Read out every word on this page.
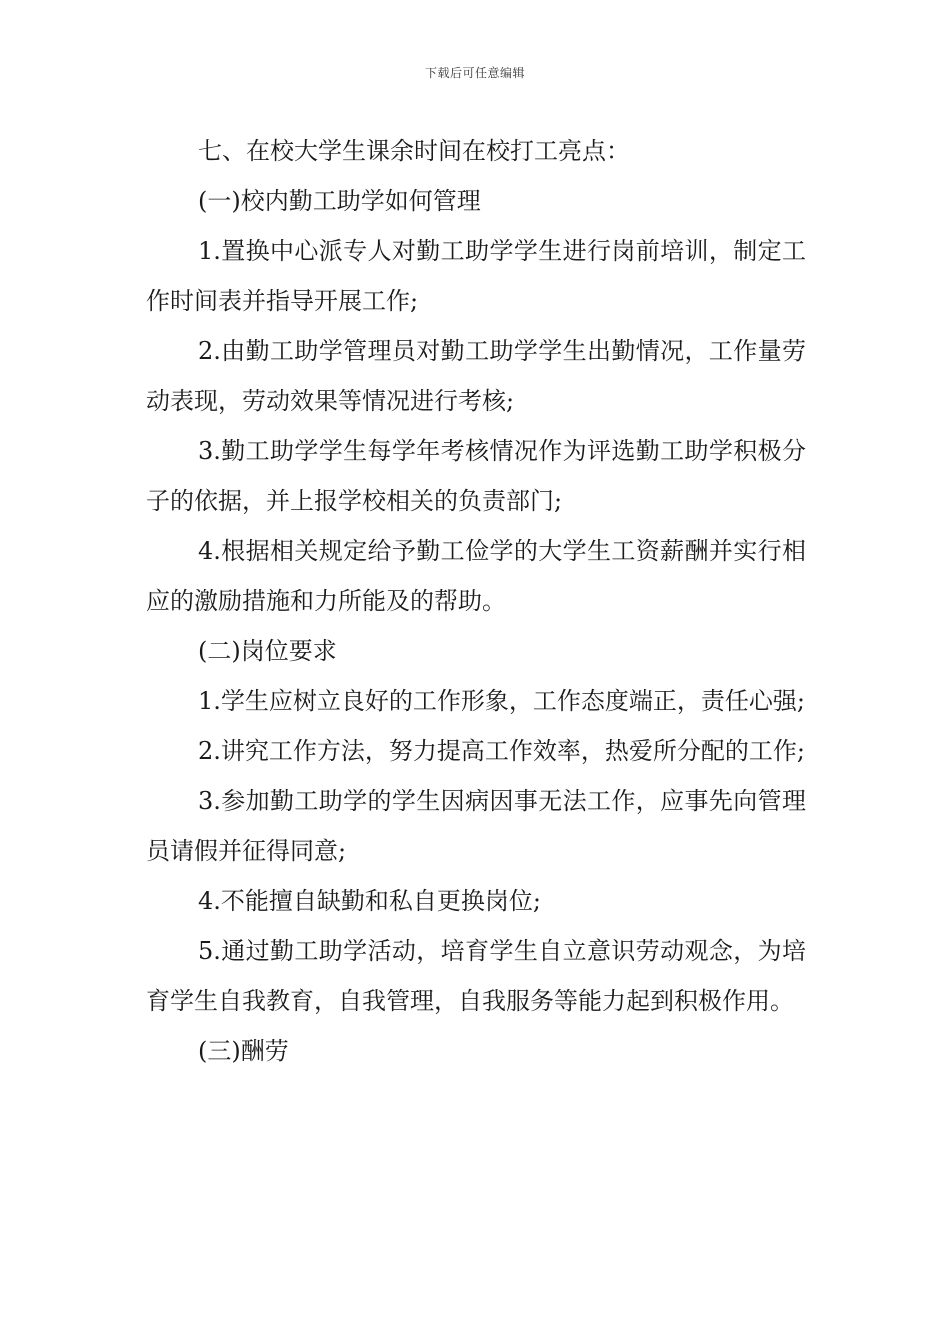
下载后可任意编辑

七、在校大学生课余时间在校打工亮点：

(一)校内勤工助学如何管理

1.置换中心派专人对勤工助学学生进行岗前培训，制定工作时间表并指导开展工作;

2.由勤工助学管理员对勤工助学学生出勤情况，工作量劳动表现，劳动效果等情况进行考核;

3.勤工助学学生每学年考核情况作为评选勤工助学积极分子的依据，并上报学校相关的负责部门;

4.根据相关规定给予勤工俭学的大学生工资薪酬并实行相应的激励措施和力所能及的帮助。

(二)岗位要求

1.学生应树立良好的工作形象，工作态度端正，责任心强;

2.讲究工作方法，努力提高工作效率，热爱所分配的工作;

3.参加勤工助学的学生因病因事无法工作，应事先向管理员请假并征得同意;

4.不能擅自缺勤和私自更换岗位;

5.通过勤工助学活动，培育学生自立意识劳动观念，为培育学生自我教育，自我管理，自我服务等能力起到积极作用。

(三)酬劳
